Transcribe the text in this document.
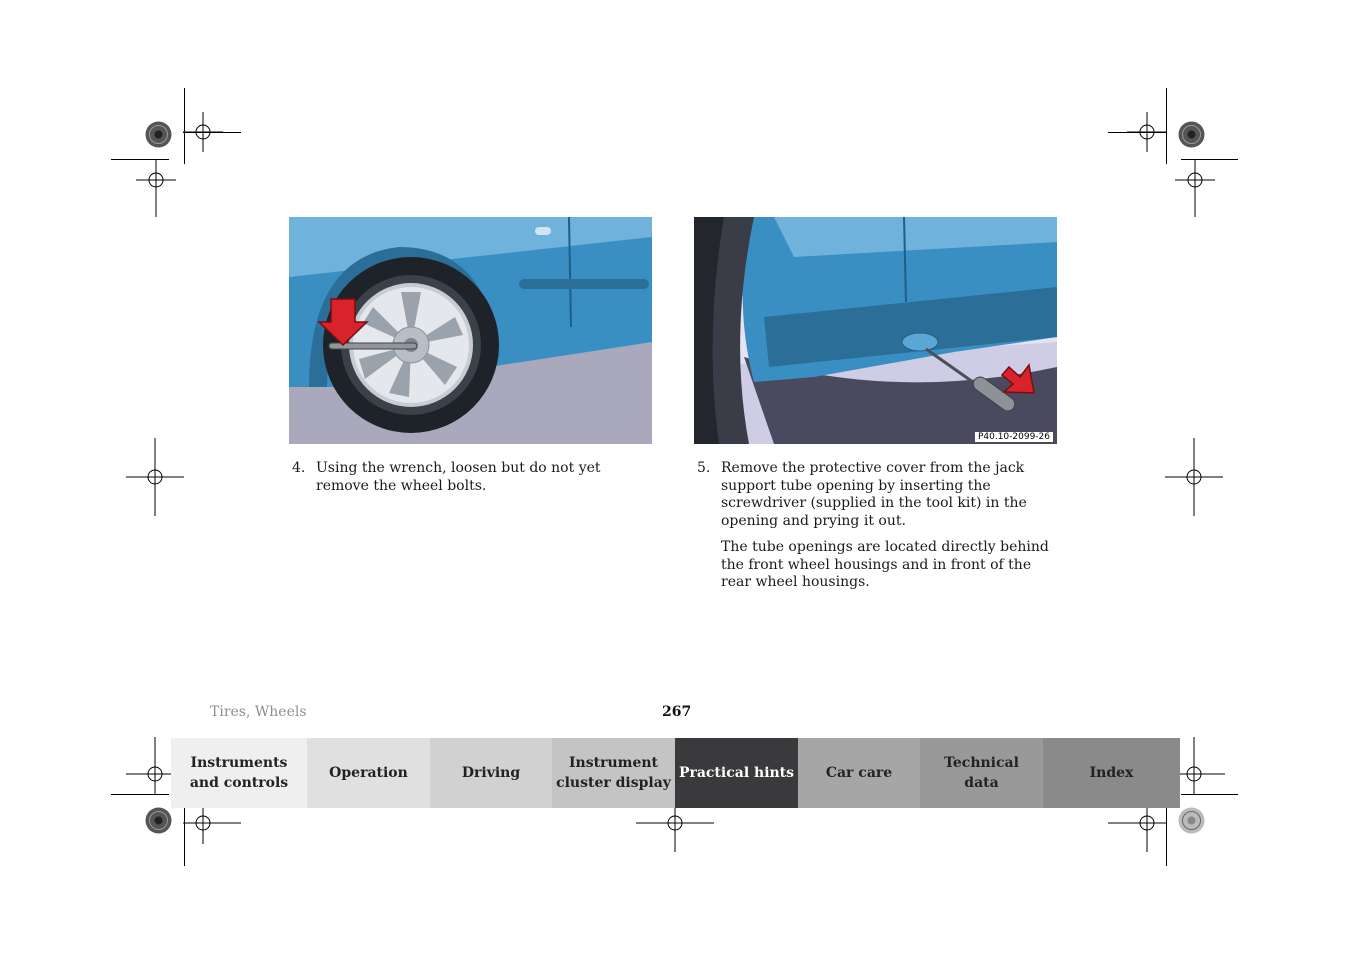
P40.10-2099-26
4. Using the wrench, loosen but do not yet remove the wheel bolts.

5. Remove the protective cover from the jack support tube opening by inserting the screwdriver (supplied in the tool kit) in the opening and prying it out.

The tube openings are located directly behind the front wheel housings and in front of the rear wheel housings.

Tires, Wheels	267
Instruments
and controls
Operation	Driving
Instrument
cluster display
Practical hints Car care
Technical
data
Index
